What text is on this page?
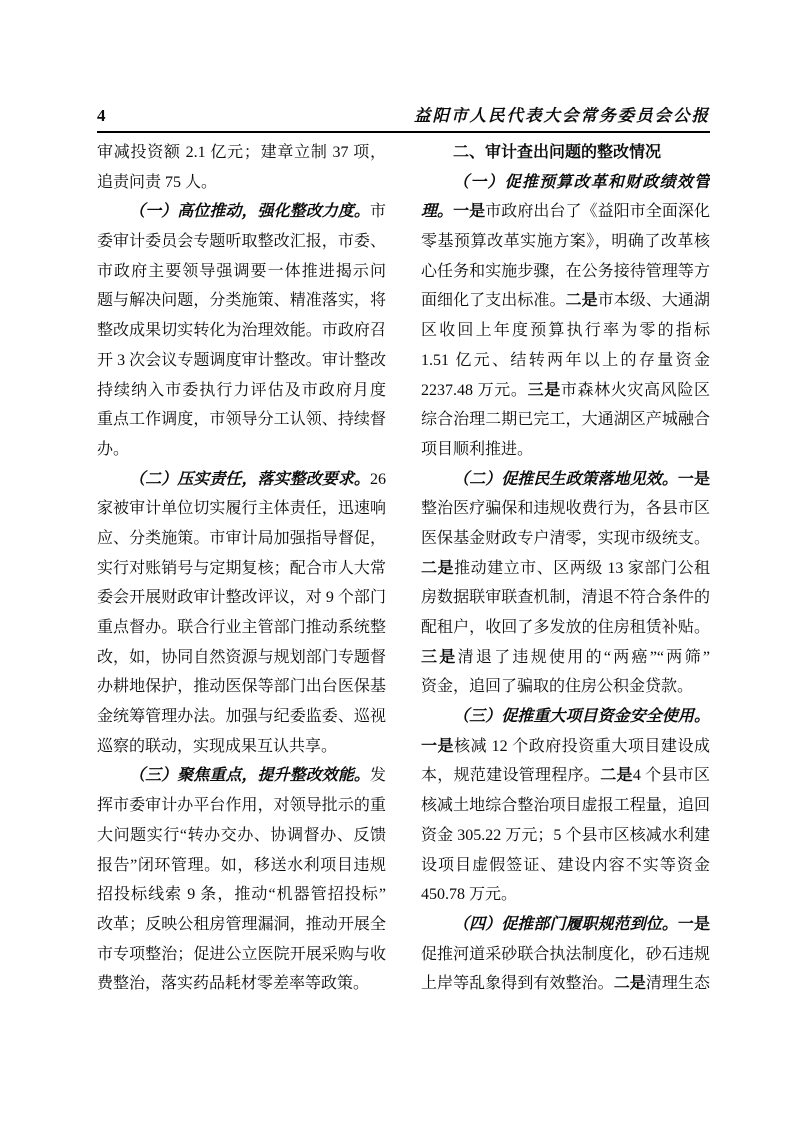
4	益阳市人民代表大会常务委员会公报
审减投资额 2.1 亿元；建章立制 37 项，
追责问责 75 人。
（一）高位推动，强化整改力度。市
委审计委员会专题听取整改汇报，市委、
市政府主要领导强调要一体推进揭示问
题与解决问题，分类施策、精准落实，将
整改成果切实转化为治理效能。市政府召
开 3 次会议专题调度审计整改。审计整改
持续纳入市委执行力评估及市政府月度
重点工作调度，市领导分工认领、持续督
办。
（二）压实责任，落实整改要求。26
家被审计单位切实履行主体责任，迅速响
应、分类施策。市审计局加强指导督促，
实行对账销号与定期复核；配合市人大常
委会开展财政审计整改评议，对 9 个部门
重点督办。联合行业主管部门推动系统整
改，如，协同自然资源与规划部门专题督
办耕地保护，推动医保等部门出台医保基
金统筹管理办法。加强与纪委监委、巡视
巡察的联动，实现成果互认共享。
（三）聚焦重点，提升整改效能。发
挥市委审计办平台作用，对领导批示的重
大问题实行“转办交办、协调督办、反馈
报告”闭环管理。如，移送水利项目违规
招投标线索 9 条，推动“机器管招投标”
改革；反映公租房管理漏洞，推动开展全
市专项整治；促进公立医院开展采购与收
费整治，落实药品耗材零差率等政策。
二、审计查出问题的整改情况
（一）促推预算改革和财政绩效管
理。一是市政府出台了《益阳市全面深化
零基预算改革实施方案》，明确了改革核
心任务和实施步骤，在公务接待管理等方
面细化了支出标准。二是市本级、大通湖
区收回上年度预算执行率为零的指标
1.51 亿元、结转两年以上的存量资金
2237.48 万元。三是市森林火灾高风险区
综合治理二期已完工，大通湖区产城融合
项目顺利推进。
（二）促推民生政策落地见效。一是
整治医疗骗保和违规收费行为，各县市区
医保基金财政专户清零，实现市级统支。
二是推动建立市、区两级 13 家部门公租
房数据联审联查机制，清退不符合条件的
配租户，收回了多发放的住房租赁补贴。
三是清退了违规使用的“两癌”“两筛”
资金，追回了骗取的住房公积金贷款。
（三）促推重大项目资金安全使用。
一是核减 12 个政府投资重大项目建设成
本，规范建设管理程序。二是4 个县市区
核减土地综合整治项目虚报工程量，追回
资金 305.22 万元；5 个县市区核减水利建
设项目虚假签证、建设内容不实等资金
450.78 万元。
（四）促推部门履职规范到位。一是
促推河道采砂联合执法制度化，砂石违规
上岸等乱象得到有效整治。二是清理生态
